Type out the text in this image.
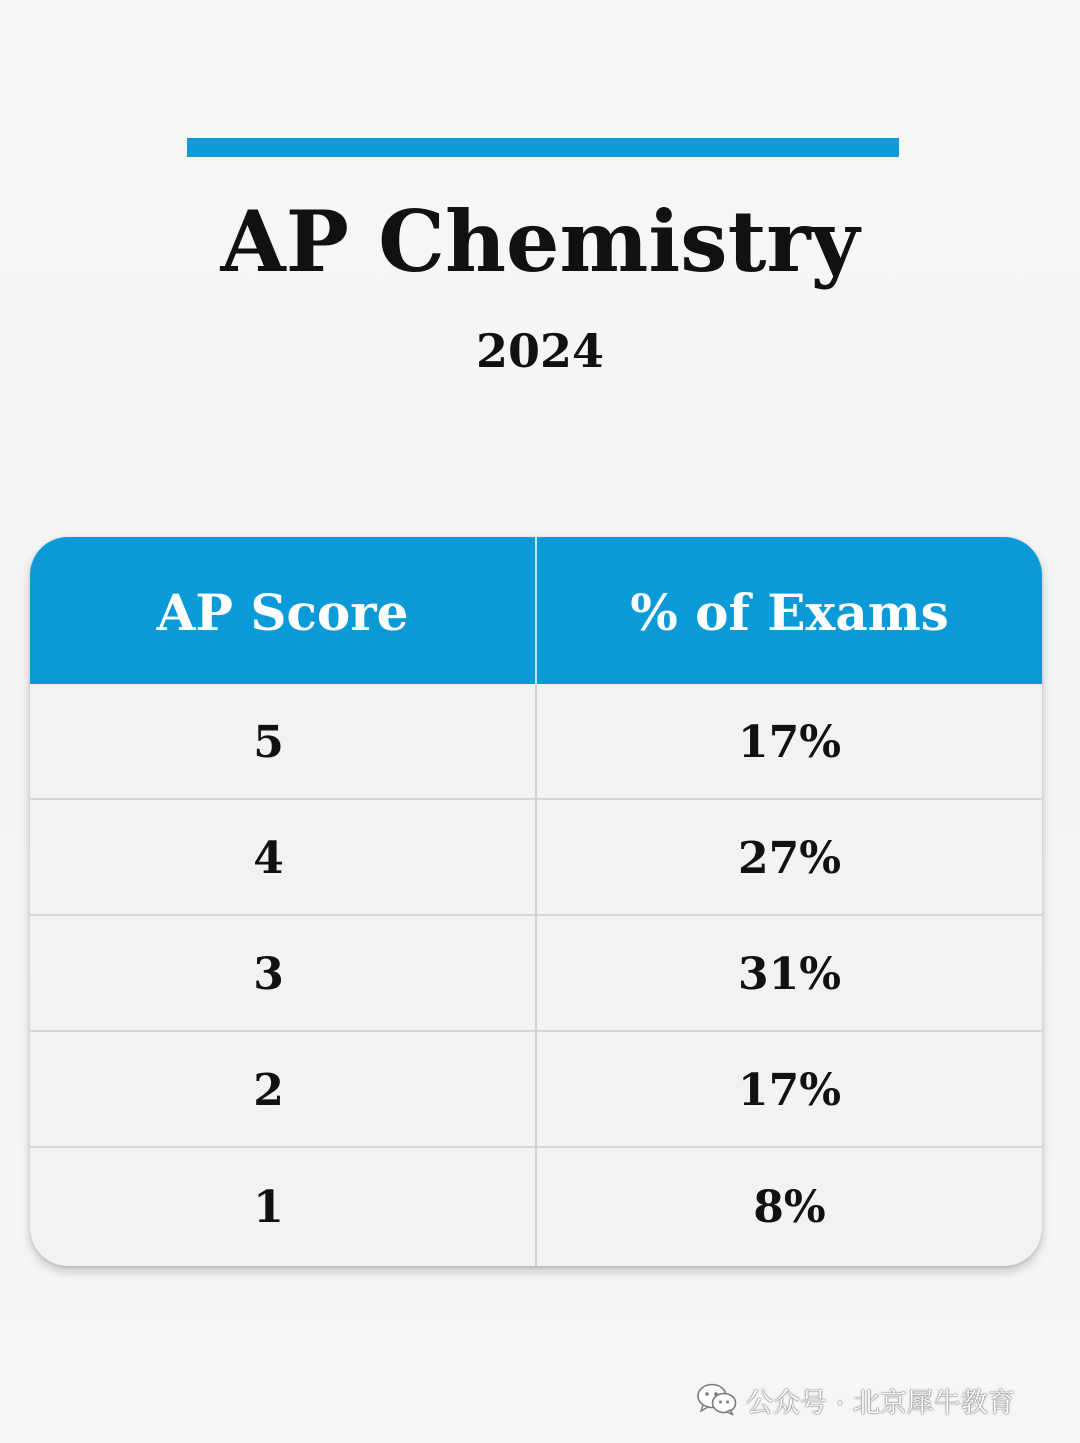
AP Chemistry
2024
AP Score	% of Exams
5	17%
4	27%
3	31%
2	17%
1	8%
公众号 · 北京犀牛教育
